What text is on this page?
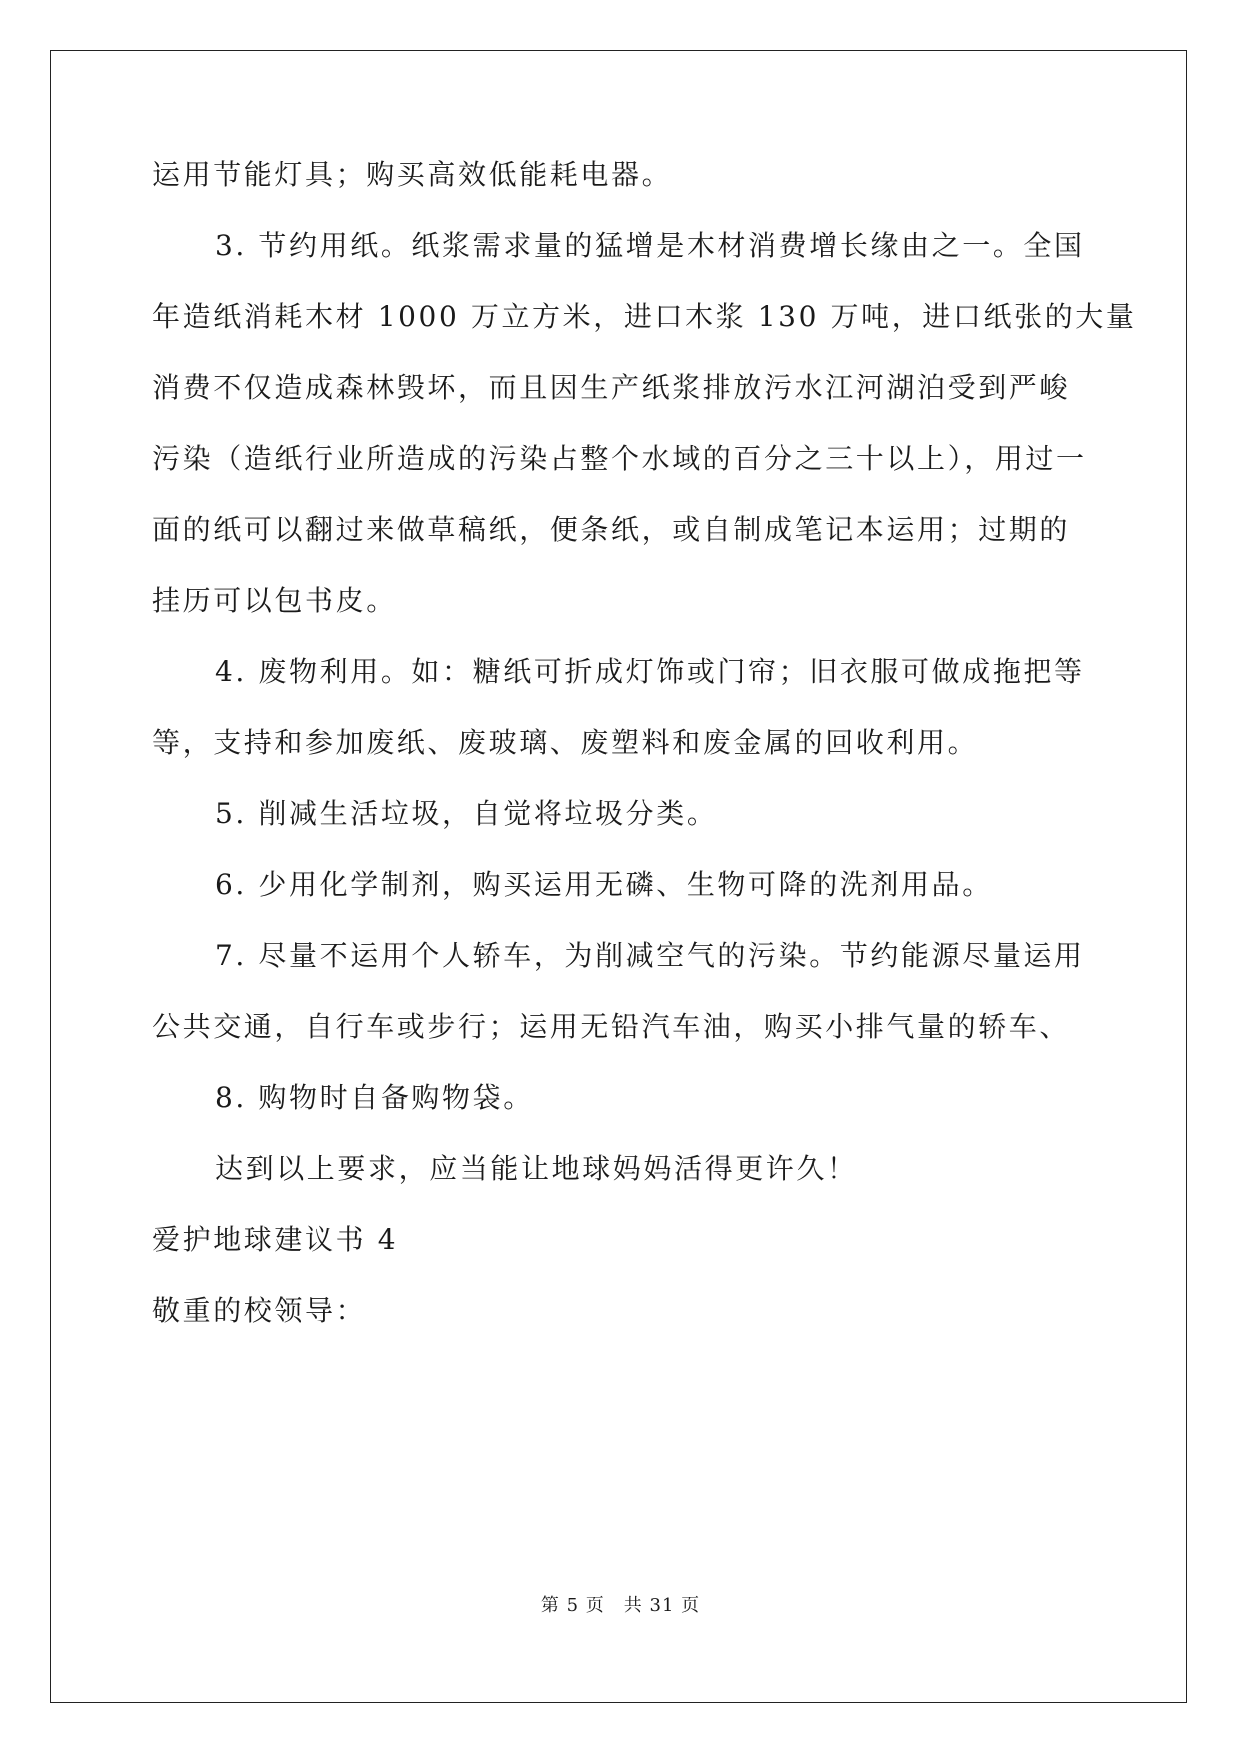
运用节能灯具；购买高效低能耗电器。
3. 节约用纸。纸浆需求量的猛增是木材消费增长缘由之一。全国
年造纸消耗木材 1000 万立方米，进口木浆 130 万吨，进口纸张的大量
消费不仅造成森林毁坏，而且因生产纸浆排放污水江河湖泊受到严峻
污染（造纸行业所造成的污染占整个水域的百分之三十以上），用过一
面的纸可以翻过来做草稿纸，便条纸，或自制成笔记本运用；过期的
挂历可以包书皮。
4. 废物利用。如：糖纸可折成灯饰或门帘；旧衣服可做成拖把等
等，支持和参加废纸、废玻璃、废塑料和废金属的回收利用。
5. 削减生活垃圾，自觉将垃圾分类。
6. 少用化学制剂，购买运用无磷、生物可降的洗剂用品。
7. 尽量不运用个人轿车，为削减空气的污染。节约能源尽量运用
公共交通，自行车或步行；运用无铅汽车油，购买小排气量的轿车、
8. 购物时自备购物袋。
达到以上要求，应当能让地球妈妈活得更许久！
爱护地球建议书 4
敬重的校领导：
第 5 页　共 31 页
